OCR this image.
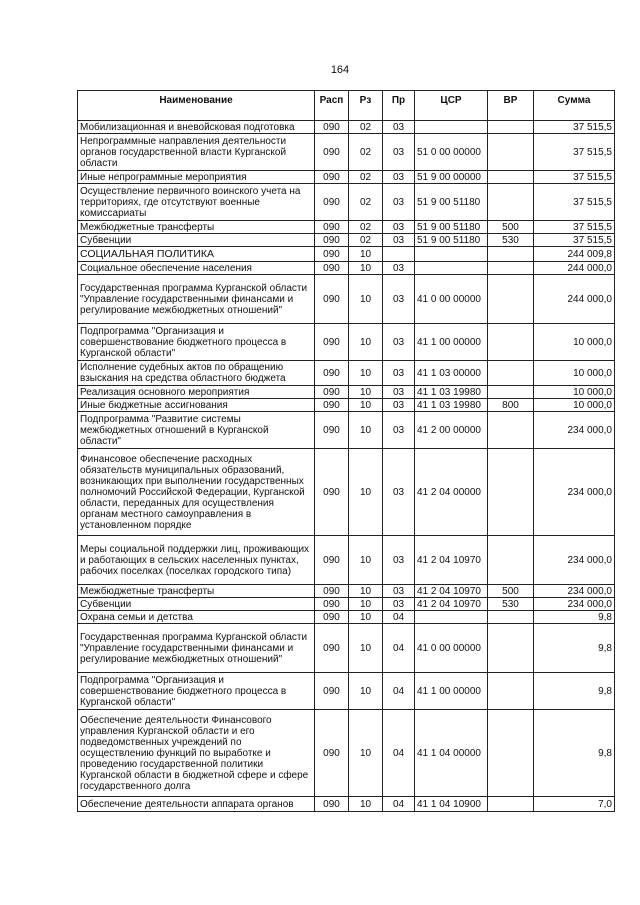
164
Наименование	Расп	Рз	Пр	ЦСР	ВР	Сумма
Мобилизационная и вневойсковая подготовка	090	02	03			37 515,5
Непрограммные направления деятельности органов государственной власти Курганской области	090	02	03	51 0 00 00000		37 515,5
Иные непрограммные мероприятия	090	02	03	51 9 00 00000		37 515,5
Осуществление первичного воинского учета на территориях, где отсутствуют военные комиссариаты	090	02	03	51 9 00 51180		37 515,5
Межбюджетные трансферты	090	02	03	51 9 00 51180	500	37 515,5
Субвенции	090	02	03	51 9 00 51180	530	37 515,5
СОЦИАЛЬНАЯ ПОЛИТИКА	090	10				244 009,8
Социальное обеспечение населения	090	10	03			244 000,0
Государственная программа Курганской области "Управление государственными финансами и регулирование межбюджетных отношений"	090	10	03	41 0 00 00000		244 000,0
Подпрограмма "Организация и совершенствование бюджетного процесса в Курганской области"	090	10	03	41 1 00 00000		10 000,0
Исполнение судебных актов по обращению взыскания на средства областного бюджета	090	10	03	41 1 03 00000		10 000,0
Реализация основного мероприятия	090	10	03	41 1 03 19980		10 000,0
Иные бюджетные ассигнования	090	10	03	41 1 03 19980	800	10 000,0
Подпрограмма "Развитие системы межбюджетных отношений в Курганской области"	090	10	03	41 2 00 00000		234 000,0
Финансовое обеспечение расходных обязательств муниципальных образований, возникающих при выполнении государственных полномочий Российской Федерации, Курганской области, переданных для осуществления органам местного самоуправления в установленном порядке	090	10	03	41 2 04 00000		234 000,0
Меры социальной поддержки лиц, проживающих и работающих в сельских населенных пунктах, рабочих поселках (поселках городского типа)	090	10	03	41 2 04 10970		234 000,0
Межбюджетные трансферты	090	10	03	41 2 04 10970	500	234 000,0
Субвенции	090	10	03	41 2 04 10970	530	234 000,0
Охрана семьи и детства	090	10	04			9,8
Государственная программа Курганской области "Управление государственными финансами и регулирование межбюджетных отношений"	090	10	04	41 0 00 00000		9,8
Подпрограмма "Организация и совершенствование бюджетного процесса в Курганской области"	090	10	04	41 1 00 00000		9,8
Обеспечение деятельности Финансового управления Курганской области и его подведомственных учреждений по осуществлению функций по выработке и проведению государственной политики Курганской области в бюджетной сфере и сфере государственного долга	090	10	04	41 1 04 00000		9,8
Обеспечение деятельности аппарата органов	090	10	04	41 1 04 10900		7,0
